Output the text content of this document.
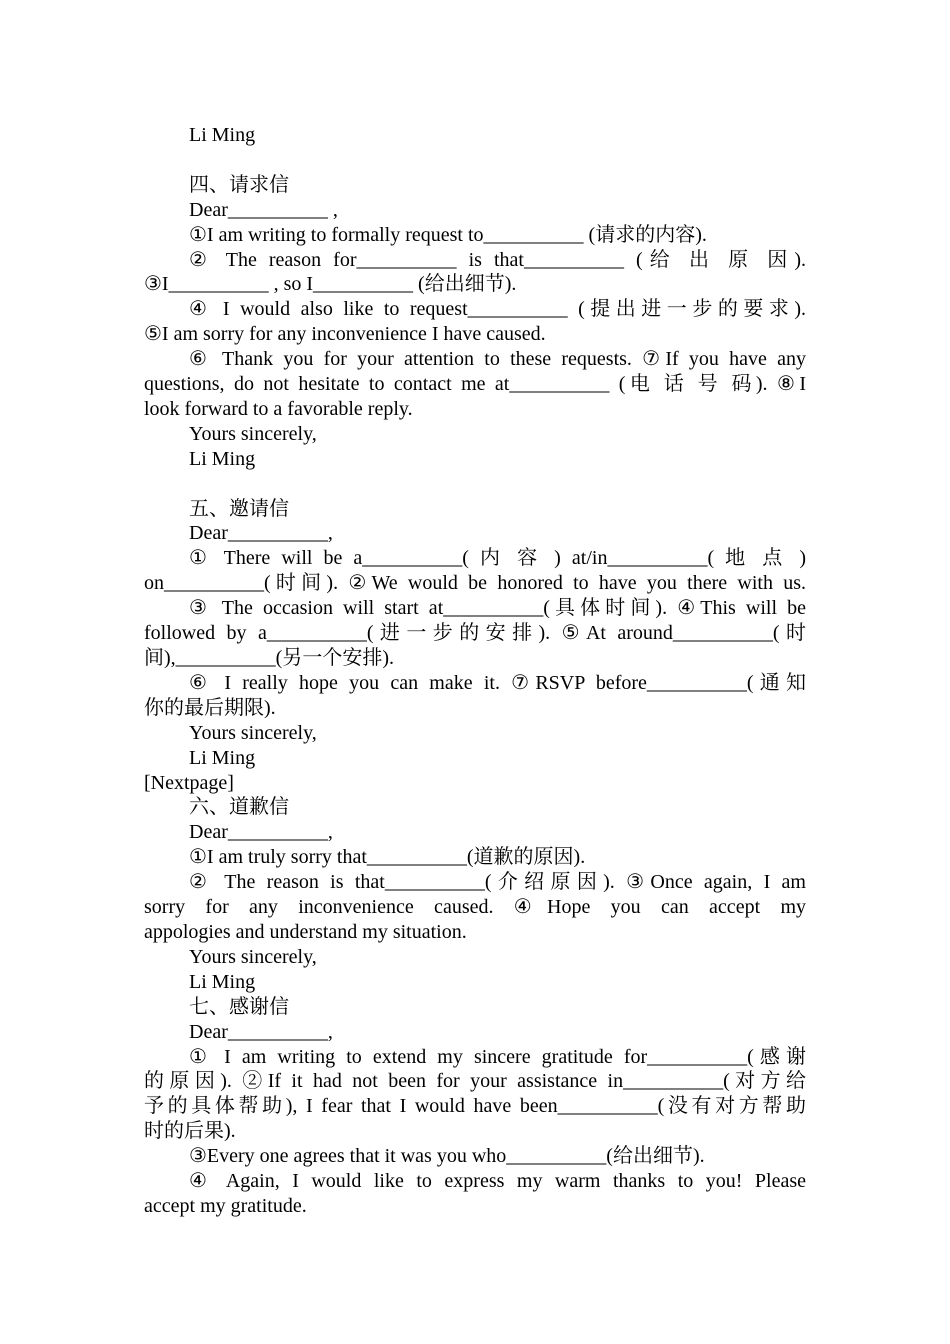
Li Ming
四、请求信
Dear__________ ,
①I am writing to formally request to__________ (请求的内容).
② The reason for__________ is that__________ (给 出 原 因).
③I__________ , so I__________ (给出细节).
④ I would also like to request__________ (提出进一步的要求).
⑤I am sorry for any inconvenience I have caused.
⑥ Thank you for your attention to these requests. ⑦If you have any
questions, do not hesitate to contact me at__________ (电 话 号 码). ⑧I
look forward to a favorable reply.
Yours sincerely,
Li Ming
五、邀请信
Dear__________,
① There will be a__________( 内 容 ) at/in__________( 地 点 )
on__________(时间). ②We would be honored to have you there with us.
③ The occasion will start at__________(具体时间). ④This will be
followed by a__________(进一步的安排). ⑤At around__________(时
间),__________(另一个安排).
⑥ I really hope you can make it. ⑦RSVP before__________(通知
你的最后期限).
Yours sincerely,
Li Ming
[Nextpage]
六、道歉信
Dear__________,
①I am truly sorry that__________(道歉的原因).
② The reason is that__________(介绍原因). ③Once again, I am
sorry for any inconvenience caused. ④Hope you can accept my
appologies and understand my situation.
Yours sincerely,
Li Ming
七、感谢信
Dear__________,
① I am writing to extend my sincere gratitude for__________(感谢
的原因). ②If it had not been for your assistance in__________(对方给
予的具体帮助), I fear that I would have been__________(没有对方帮助
时的后果).
③Every one agrees that it was you who__________(给出细节).
④ Again, I would like to express my warm thanks to you! Please
accept my gratitude.
